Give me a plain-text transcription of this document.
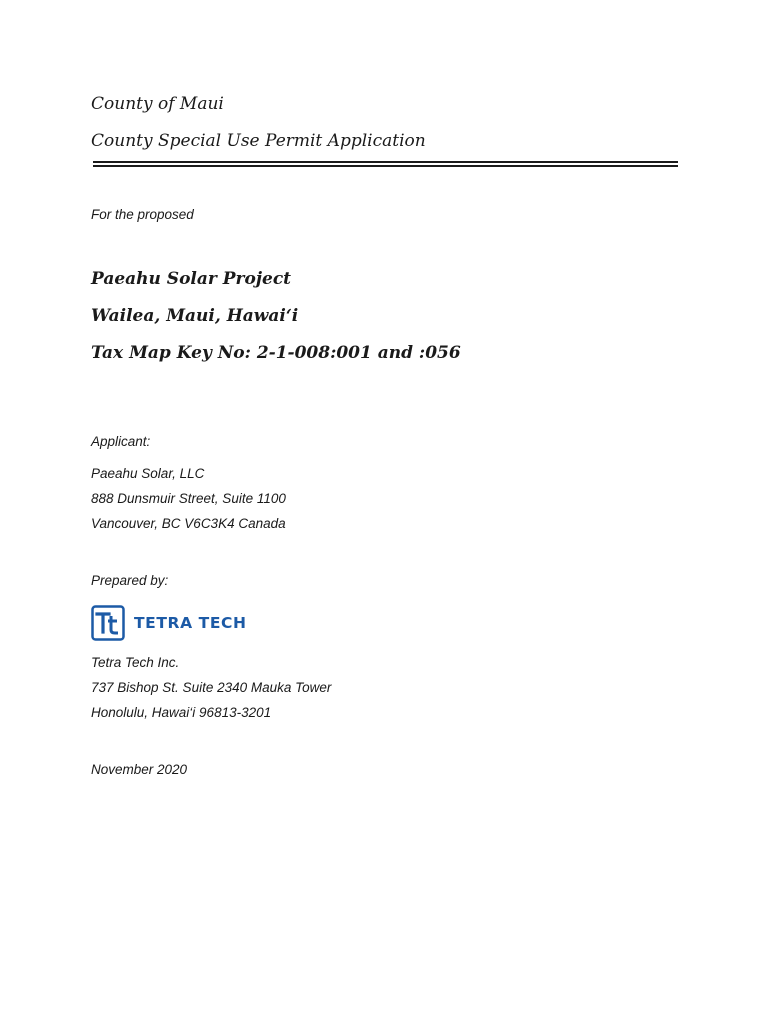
County of Maui
County Special Use Permit Application
For the proposed
Paeahu Solar Project
Wailea, Maui, Hawai‘i
Tax Map Key No: 2-1-008:001 and :056
Applicant:
Paeahu Solar, LLC
888 Dunsmuir Street, Suite 1100
Vancouver, BC V6C3K4 Canada
Prepared by:
TETRA TECH
Tetra Tech Inc.
737 Bishop St. Suite 2340 Mauka Tower
Honolulu, Hawai‘i 96813-3201
November 2020
